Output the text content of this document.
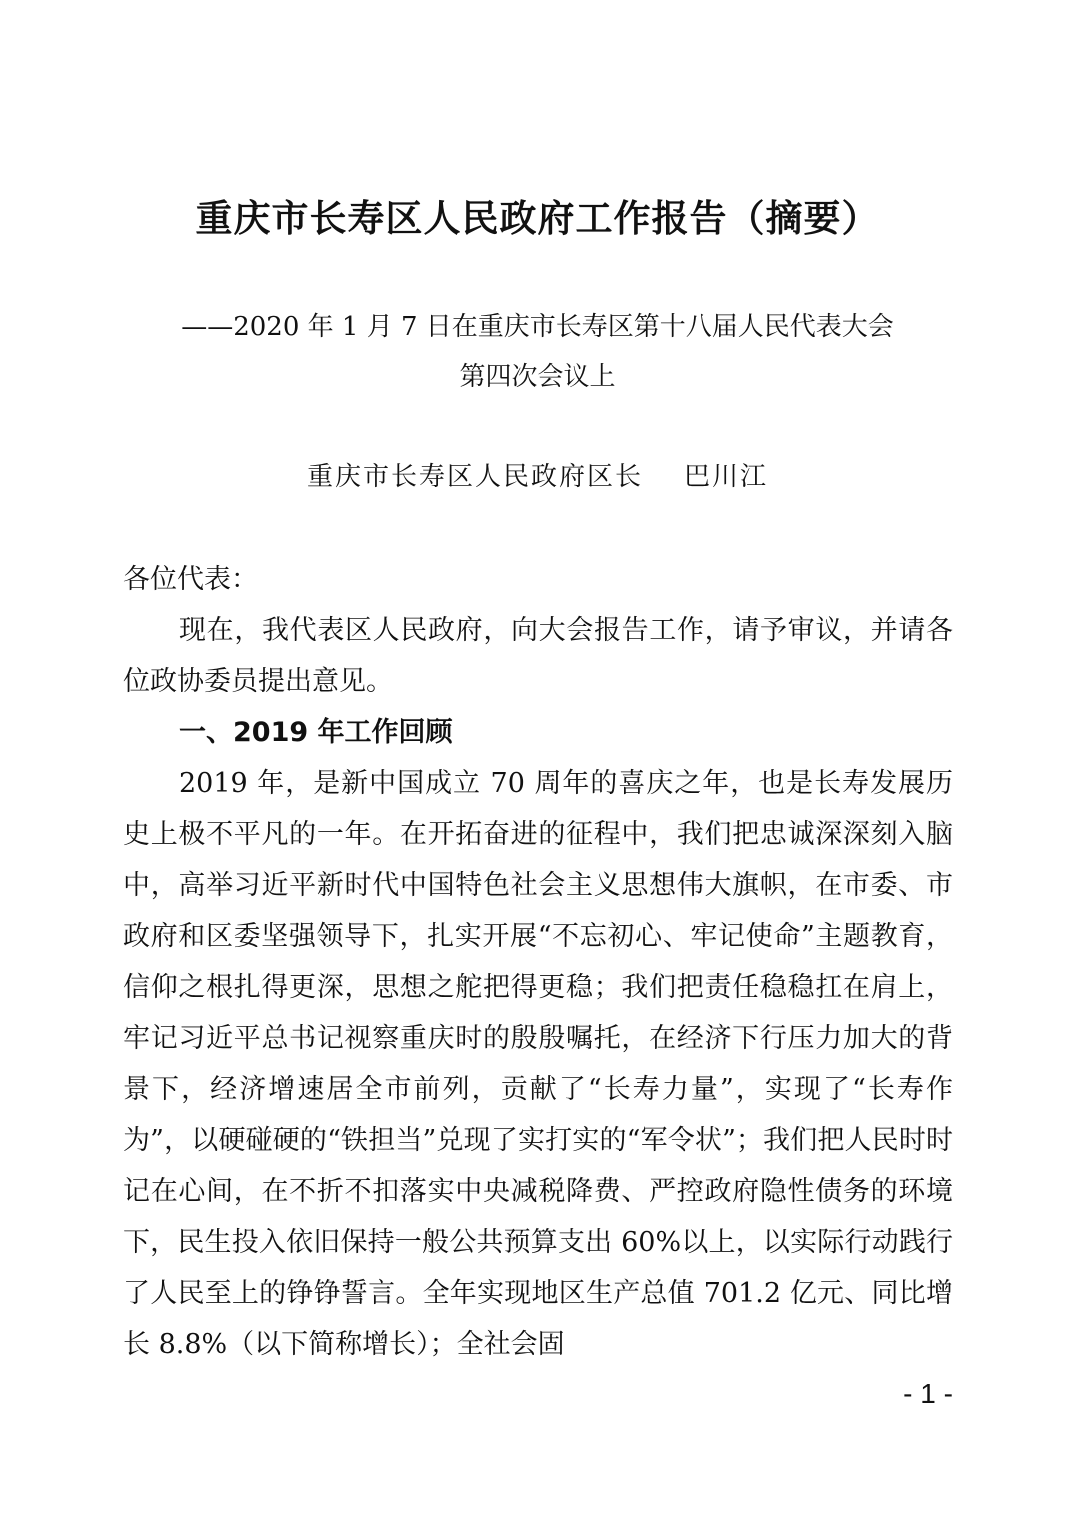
重庆市长寿区人民政府工作报告（摘要）
——2020 年 1 月 7 日在重庆市长寿区第十八届人民代表大会
第四次会议上
重庆市长寿区人民政府区长    巴川江

各位代表：

现在，我代表区人民政府，向大会报告工作，请予审议，并请各位政协委员提出意见。

一、2019 年工作回顾

2019 年，是新中国成立 70 周年的喜庆之年，也是长寿发展历史上极不平凡的一年。在开拓奋进的征程中，我们把忠诚深深刻入脑中，高举习近平新时代中国特色社会主义思想伟大旗帜，在市委、市政府和区委坚强领导下，扎实开展“不忘初心、牢记使命”主题教育，信仰之根扎得更深，思想之舵把得更稳；我们把责任稳稳扛在肩上，牢记习近平总书记视察重庆时的殷殷嘱托，在经济下行压力加大的背景下，经济增速居全市前列，贡献了“长寿力量”，实现了“长寿作为”，以硬碰硬的“铁担当”兑现了实打实的“军令状”；我们把人民时时记在心间，在不折不扣落实中央减税降费、严控政府隐性债务的环境下，民生投入依旧保持一般公共预算支出 60%以上，以实际行动践行了人民至上的铮铮誓言。全年实现地区生产总值 701.2 亿元、同比增长 8.8%（以下简称增长）；全社会固

- 1 -
